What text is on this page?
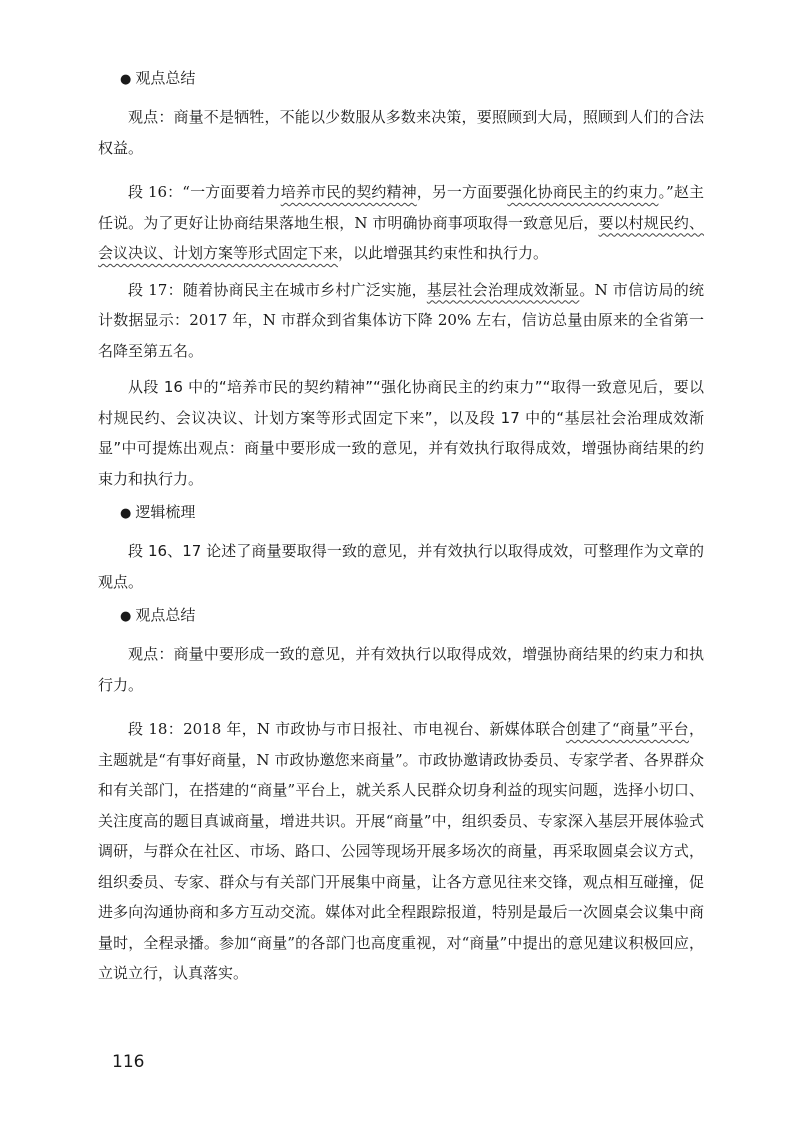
● 观点总结

观点：商量不是牺牲，不能以少数服从多数来决策，要照顾到大局，照顾到人们的合法权益。

段 16：“一方面要着力培养市民的契约精神，另一方面要强化协商民主的约束力。”赵主任说。为了更好让协商结果落地生根，N 市明确协商事项取得一致意见后，要以村规民约、会议决议、计划方案等形式固定下来，以此增强其约束性和执行力。

段 17：随着协商民主在城市乡村广泛实施，基层社会治理成效渐显。N 市信访局的统计数据显示：2017 年，N 市群众到省集体访下降 20% 左右，信访总量由原来的全省第一名降至第五名。

从段 16 中的“培养市民的契约精神”“强化协商民主的约束力”“取得一致意见后，要以村规民约、会议决议、计划方案等形式固定下来”，以及段 17 中的“基层社会治理成效渐显”中可提炼出观点：商量中要形成一致的意见，并有效执行取得成效，增强协商结果的约束力和执行力。

● 逻辑梳理

段 16、17 论述了商量要取得一致的意见，并有效执行以取得成效，可整理作为文章的观点。

● 观点总结

观点：商量中要形成一致的意见，并有效执行以取得成效，增强协商结果的约束力和执行力。

段 18：2018 年，N 市政协与市日报社、市电视台、新媒体联合创建了“商量”平台，主题就是“有事好商量，N 市政协邀您来商量”。市政协邀请政协委员、专家学者、各界群众和有关部门，在搭建的“商量”平台上，就关系人民群众切身利益的现实问题，选择小切口、关注度高的题目真诚商量，增进共识。开展“商量”中，组织委员、专家深入基层开展体验式调研，与群众在社区、市场、路口、公园等现场开展多场次的商量，再采取圆桌会议方式，组织委员、专家、群众与有关部门开展集中商量，让各方意见往来交锋，观点相互碰撞，促进多向沟通协商和多方互动交流。媒体对此全程跟踪报道，特别是最后一次圆桌会议集中商量时，全程录播。参加“商量”的各部门也高度重视，对“商量”中提出的意见建议积极回应，立说立行，认真落实。

116
